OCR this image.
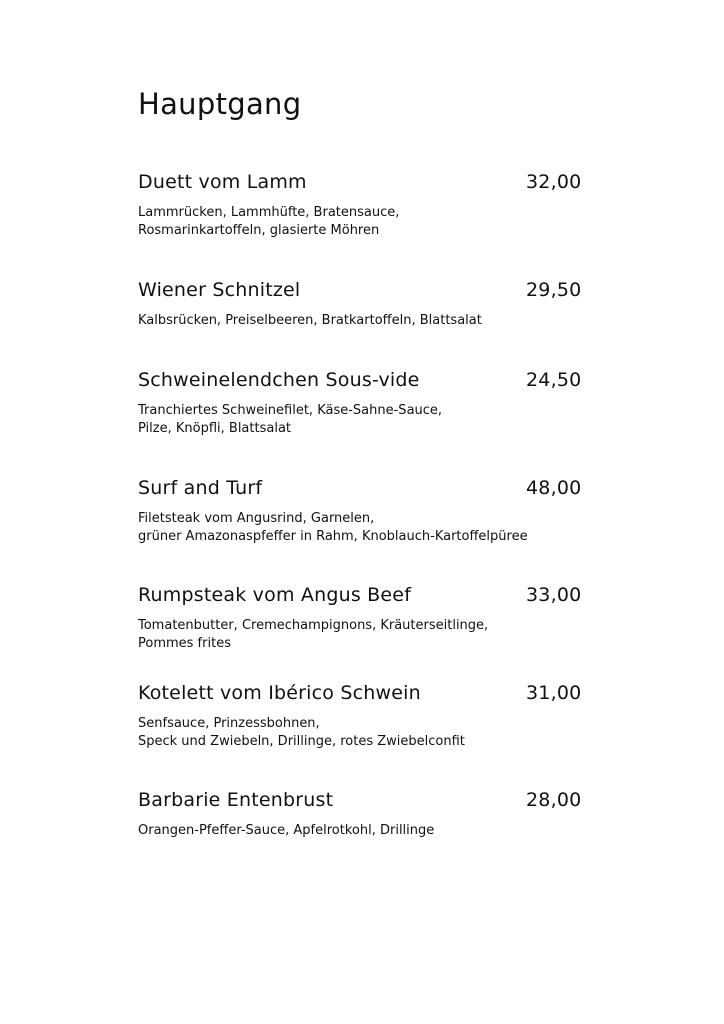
Hauptgang
Duett vom Lamm	32,00
Lammrücken, Lammhüfte, Bratensauce,
Rosmarinkartoffeln, glasierte Möhren
Wiener Schnitzel	29,50
Kalbsrücken, Preiselbeeren, Bratkartoffeln, Blattsalat
Schweinelendchen Sous-vide	24,50
Tranchiertes Schweinefilet, Käse-Sahne-Sauce,
Pilze, Knöpfli, Blattsalat
Surf and Turf	48,00
Filetsteak vom Angusrind, Garnelen,
grüner Amazonaspfeffer in Rahm, Knoblauch-Kartoffelpüree
Rumpsteak vom Angus Beef	33,00
Tomatenbutter, Cremechampignons, Kräuterseitlinge,
Pommes frites
Kotelett vom Ibérico Schwein	31,00
Senfsauce, Prinzessbohnen,
Speck und Zwiebeln, Drillinge, rotes Zwiebelconfit
Barbarie Entenbrust	28,00
Orangen-Pfeffer-Sauce, Apfelrotkohl, Drillinge
